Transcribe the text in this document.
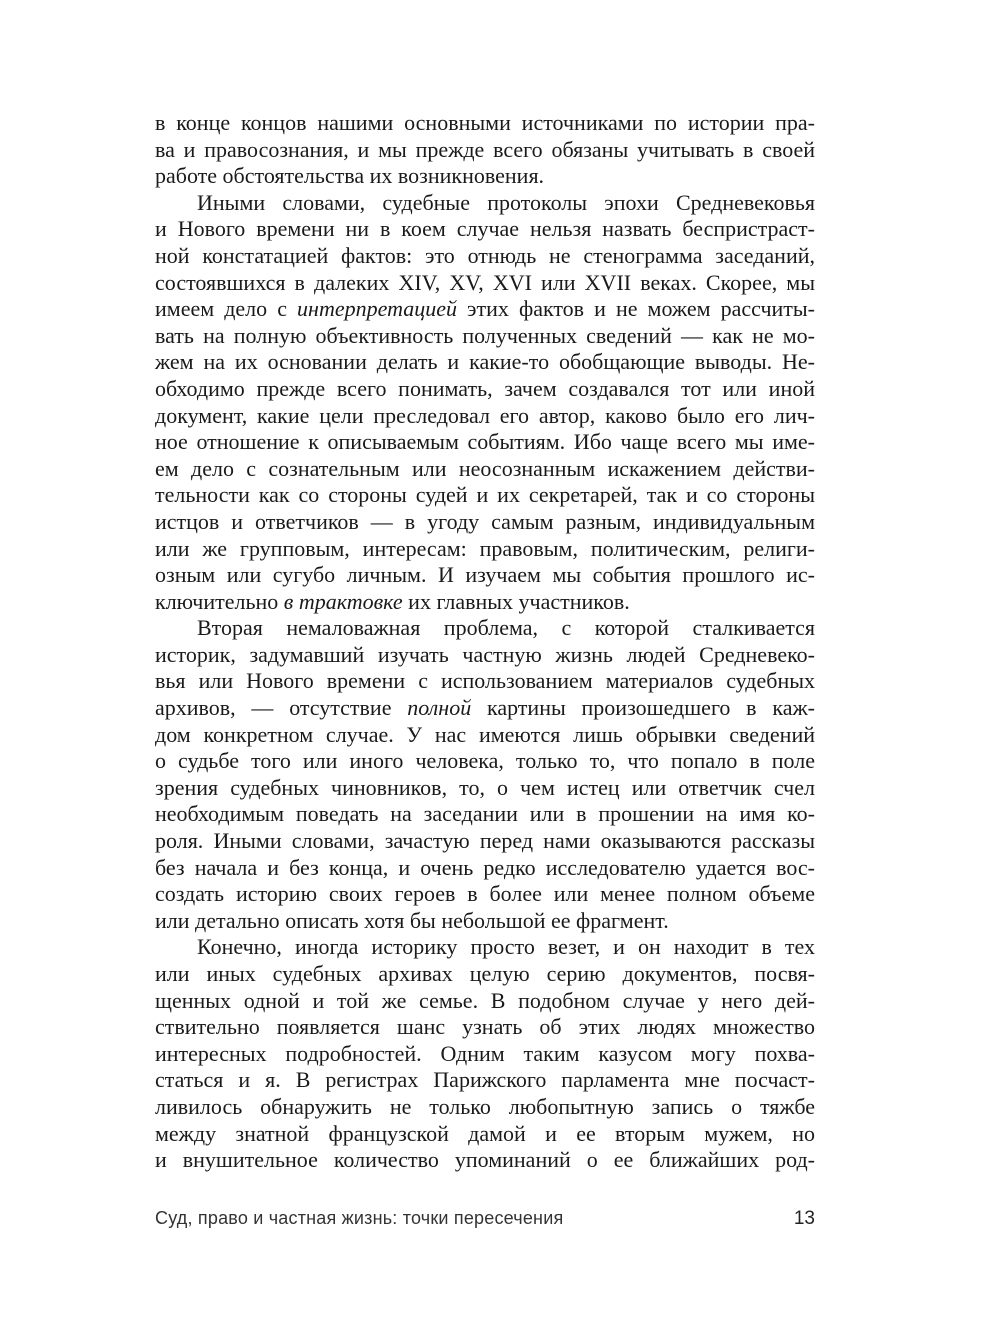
в конце концов нашими основными источниками по истории пра-
ва и правосознания, и мы прежде всего обязаны учитывать в своей
работе обстоятельства их возникновения.
Иными словами, судебные протоколы эпохи Средневековья
и Нового времени ни в коем случае нельзя назвать беспристраст-
ной констатацией фактов: это отнюдь не стенограмма заседаний,
состоявшихся в далеких XIV, XV, XVI или XVII веках. Скорее, мы
имеем дело с интерпретацией этих фактов и не можем рассчиты-
вать на полную объективность полученных сведений — как не мо-
жем на их основании делать и какие-то обобщающие выводы. Не-
обходимо прежде всего понимать, зачем создавался тот или иной
документ, какие цели преследовал его автор, каково было его лич-
ное отношение к описываемым событиям. Ибо чаще всего мы име-
ем дело с сознательным или неосознанным искажением действи-
тельности как со стороны судей и их секретарей, так и со стороны
истцов и ответчиков — в угоду самым разным, индивидуальным
или же групповым, интересам: правовым, политическим, религи-
озным или сугубо личным. И изучаем мы события прошлого ис-
ключительно в трактовке их главных участников.
Вторая немаловажная проблема, с которой сталкивается
историк, задумавший изучать частную жизнь людей Средневеко-
вья или Нового времени с использованием материалов судебных
архивов, — отсутствие полной картины произошедшего в каж-
дом конкретном случае. У нас имеются лишь обрывки сведений
о судьбе того или иного человека, только то, что попало в поле
зрения судебных чиновников, то, о чем истец или ответчик счел
необходимым поведать на заседании или в прошении на имя ко-
роля. Иными словами, зачастую перед нами оказываются рассказы
без начала и без конца, и очень редко исследователю удается вос-
создать историю своих героев в более или менее полном объеме
или детально описать хотя бы небольшой ее фрагмент.
Конечно, иногда историку просто везет, и он находит в тех
или иных судебных архивах целую серию документов, посвя-
щенных одной и той же семье. В подобном случае у него дей-
ствительно появляется шанс узнать об этих людях множество
интересных подробностей. Одним таким казусом могу похва-
статься и я. В регистрах Парижского парламента мне посчаст-
ливилось обнаружить не только любопытную запись о тяжбе
между знатной французской дамой и ее вторым мужем, но
и внушительное количество упоминаний о ее ближайших род-
Суд, право и частная жизнь: точки пересечения	13
